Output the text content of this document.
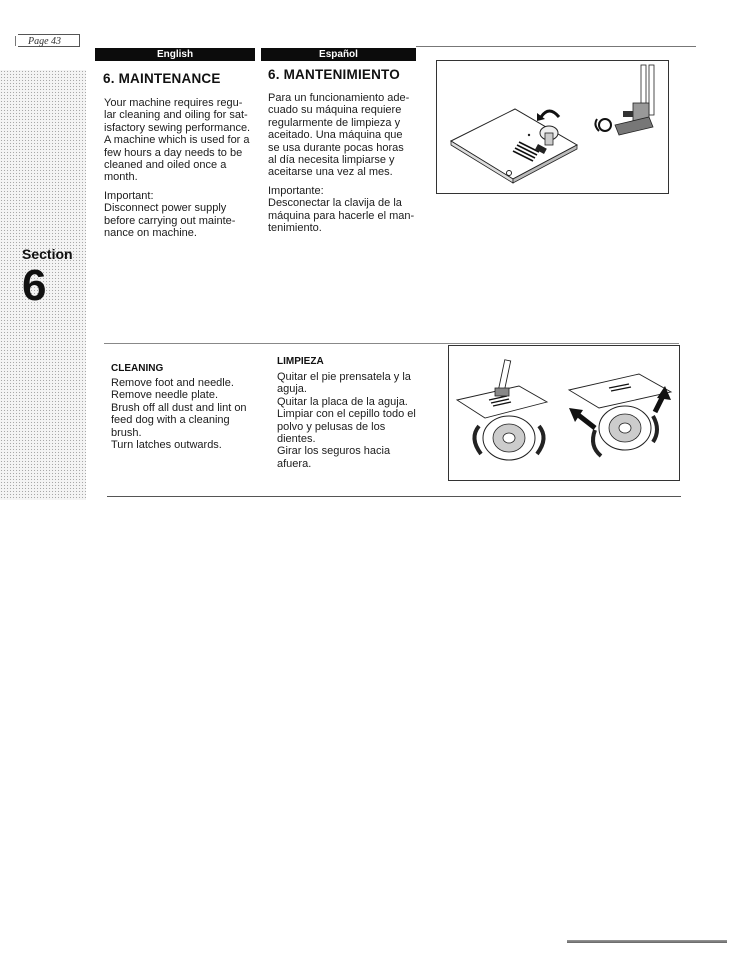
Page 43
Section
6
English	Español
6. MAINTENANCE	6. MANTENIMIENTO

Your machine requires regu-

lar cleaning and oiling for sat-

isfactory sewing performance.

A machine which is used for a

few hours a day needs to be

cleaned and oiled once a

month.

Important:

Disconnect power supply

before carrying out mainte-

nance on machine.

Para un funcionamiento ade-

cuado su máquina requiere

regularmente de limpieza y

aceitado. Una máquina que

se usa durante pocas horas

al día necesita limpiarse y

aceitarse una vez al mes.

Importante:

Desconectar la clavija de la

máquina para hacerle el man-

tenimiento.

CLEANING
LIMPIEZA

Remove foot and needle.

Remove needle plate.

Brush off all dust and lint on

feed dog with a cleaning

brush.

Turn latches outwards.

Quitar el pie prensatela y la

aguja.

Quitar la placa de la aguja.

Limpiar con el cepillo todo el

polvo y pelusas de los

dientes.

Girar los seguros hacia

afuera.
